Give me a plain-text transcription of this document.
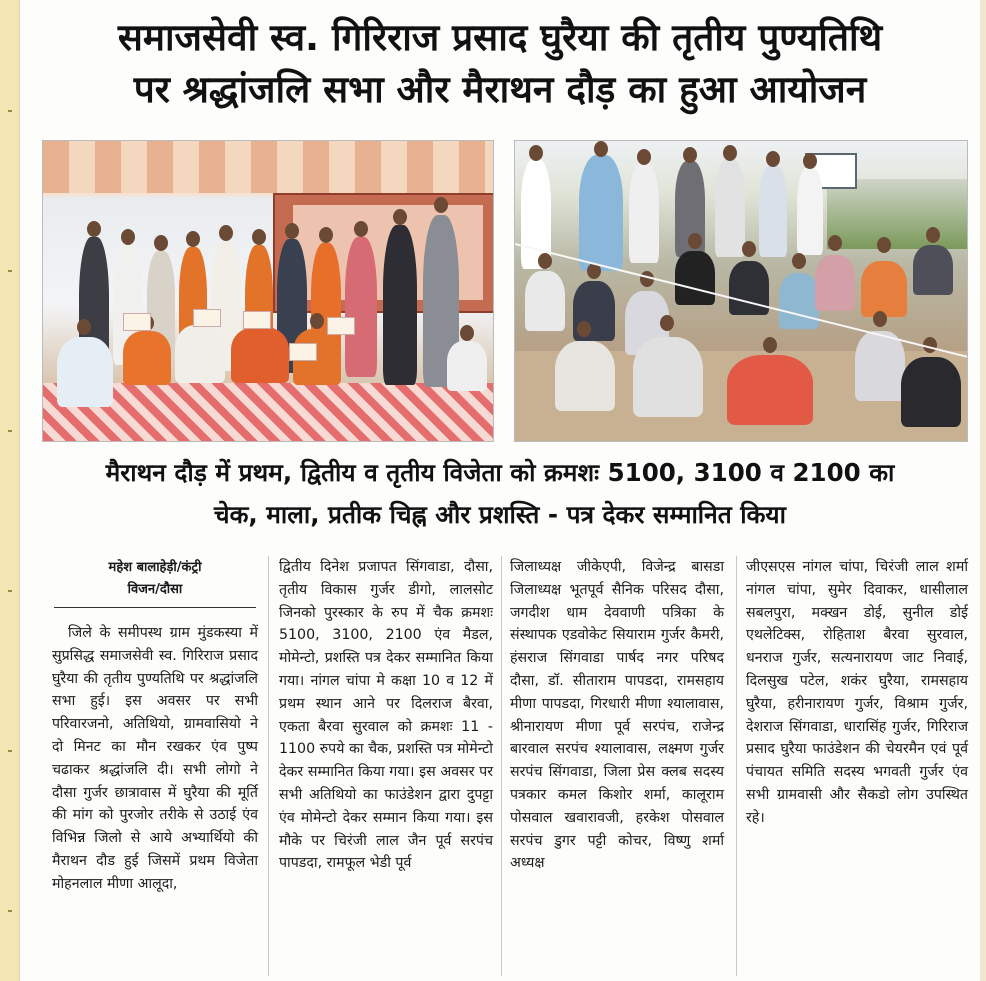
समाजसेवी स्व. गिरिराज प्रसाद घुरैया की तृतीय पुण्यतिथि
पर श्रद्धांजलि सभा और मैराथन दौड़ का हुआ आयोजन
मैराथन दौड़ में प्रथम, द्वितीय व तृतीय विजेता को क्रमशः 5100, 3100 व 2100 का
चेक, माला, प्रतीक चिह्न और प्रशस्ति - पत्र देकर सम्मानित किया
महेश बालाहेड़ी/कंट्री
विजन/दौसा

जिले के समीपस्थ ग्राम मुंडकस्या में सुप्रसिद्ध समाजसेवी स्व. गिरिराज प्रसाद घुरैया की तृतीय पुण्यतिथि पर श्रद्धांजलि सभा हुई। इस अवसर पर सभी परिवारजनो, अतिथियो, ग्रामवासियो ने दो मिनट का मौन रखकर एंव पुष्प चढाकर श्रद्धांजलि दी। सभी लोगो ने दौसा गुर्जर छात्रावास में घुरैया की मूर्ति की मांग को पुरजोर तरीके से उठाई एंव विभिन्न जिलो से आये अभ्यार्थियो की मैराथन दौड हुई जिसमें प्रथम विजेता मोहनलाल मीणा आलूदा,

द्वितीय दिनेश प्रजापत सिंगवाडा, दौसा, तृतीय विकास गुर्जर डीगो, लालसोट जिनको पुरस्कार के रुप में चैक क्रमशः 5100, 3100, 2100 एंव मैडल, मोमेन्टो, प्रशस्ति पत्र देकर सम्मानित किया गया। नांगल चांपा मे कक्षा 10 व 12 में प्रथम स्थान आने पर दिलराज बैरवा, एकता बैरवा सुरवाल को क्रमशः 11 - 1100 रुपये का चैक, प्रशस्ति पत्र मोमेन्टो देकर सम्मानित किया गया। इस अवसर पर सभी अतिथियो का फाउंडेशन द्वारा दुपट्टा एंव मोमेन्टो देकर सम्मान किया गया। इस मौके पर चिरंजी लाल जैन पूर्व सरपंच पापडदा, रामफूल भेडी पूर्व

जिलाध्यक्ष जीकेएपी, विजेन्द्र बासडा जिलाध्यक्ष भूतपूर्व सैनिक परिसद दौसा, जगदीश धाम देववाणी पत्रिका के संस्थापक एडवोकेट सियाराम गुर्जर कैमरी, हंसराज सिंगवाडा पार्षद नगर परिषद दौसा, डॉ. सीताराम पापडदा, रामसहाय मीणा पापडदा, गिरधारी मीणा श्यालावास, श्रीनारायण मीणा पूर्व सरपंच, राजेन्द्र बारवाल सरपंच श्यालावास, लक्ष्मण गुर्जर सरपंच सिंगवाडा, जिला प्रेस क्लब सदस्य पत्रकार कमल किशोर शर्मा, कालूराम पोसवाल खवारावजी, हरकेश पोसवाल सरपंच डुगर पट्टी कोचर, विष्णु शर्मा अध्यक्ष

जीएसएस नांगल चांपा, चिरंजी लाल शर्मा नांगल चांपा, सुमेर दिवाकर, धासीलाल सबलपुरा, मक्खन डोई, सुनील डोई एथलेटिक्स, रोहिताश बैरवा सुरवाल, धनराज गुर्जर, सत्यनारायण जाट निवाई, दिलसुख पटेल, शकंर घुरैया, रामसहाय घुरैया, हरीनारायण गुर्जर, विश्राम गुर्जर, देशराज सिंगवाडा, धारासिंह गुर्जर, गिरिराज प्रसाद घुरैया फाउंडेशन की चेयरमैन एवं पूर्व पंचायत समिति सदस्य भगवती गुर्जर एंव सभी ग्रामवासी और सैकडो लोग उपस्थित रहे।
